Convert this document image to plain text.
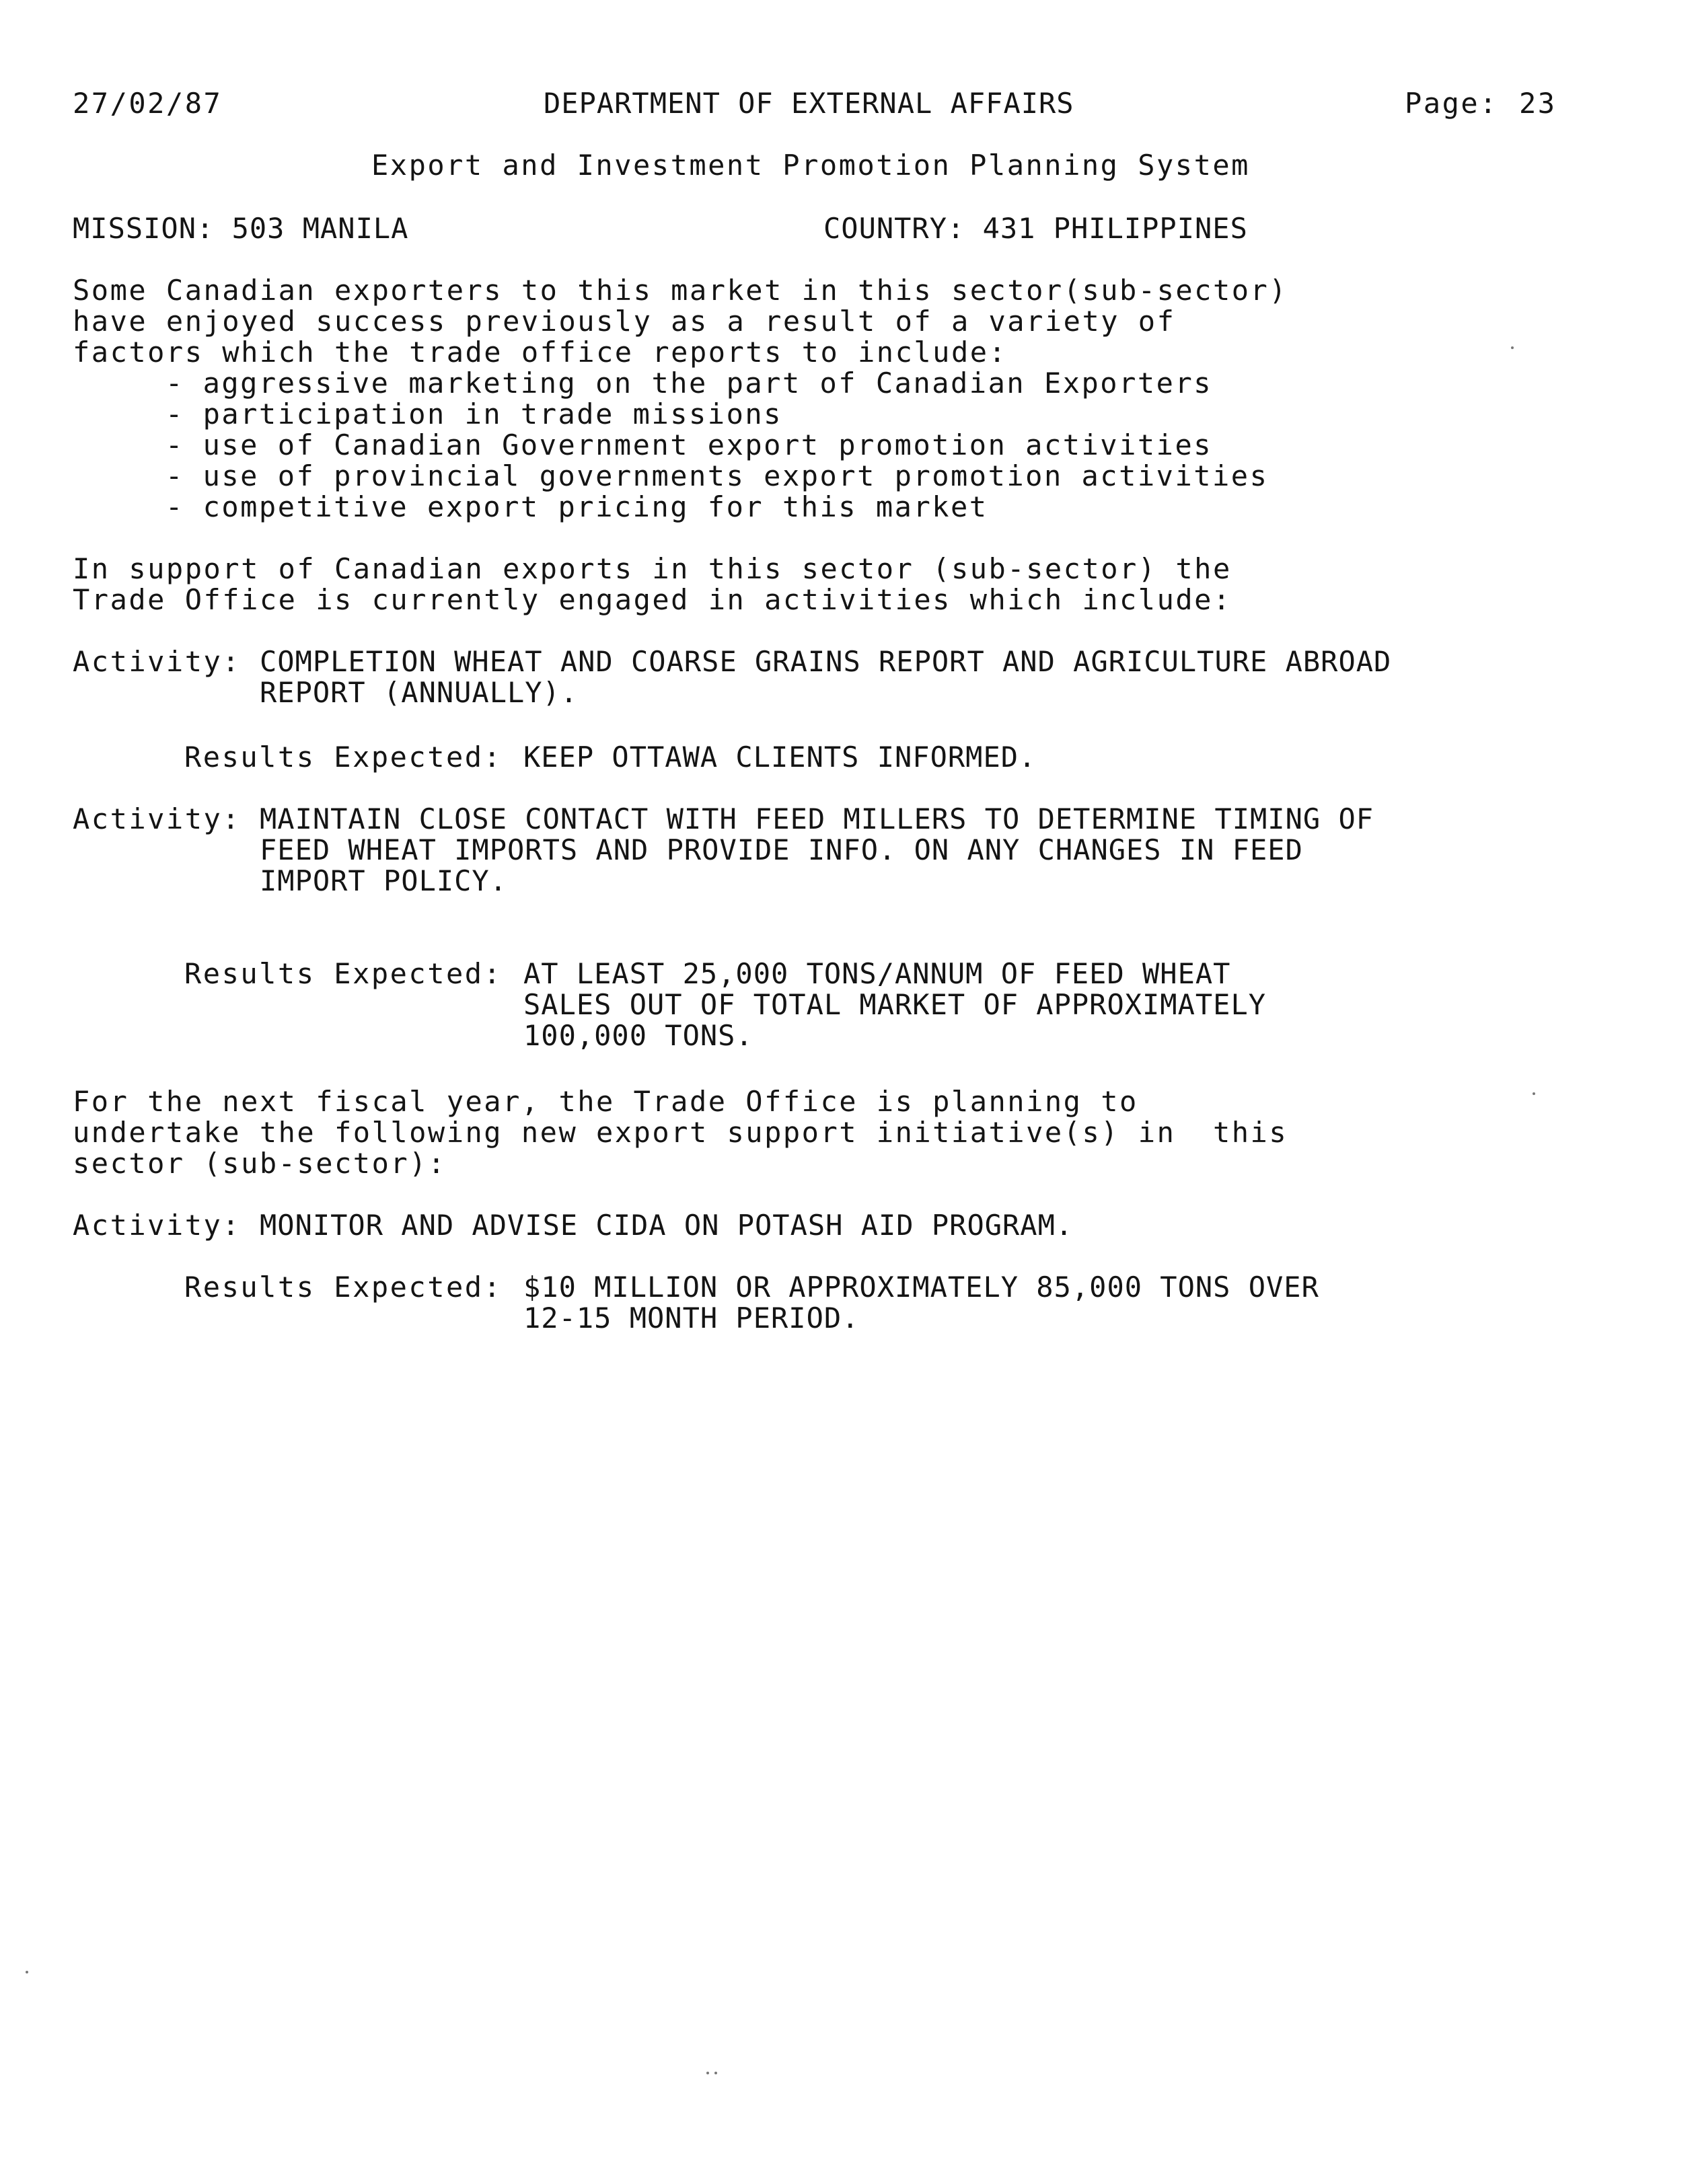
27/02/87	DEPARTMENT OF EXTERNAL AFFAIRS	Page: 23
Export and Investment Promotion Planning System
MISSION: 503 MANILA	COUNTRY: 431 PHILIPPINES
Some Canadian exporters to this market in this sector(sub-sector)
have enjoyed success previously as a result of a variety of
factors which the trade office reports to include:
- aggressive marketing on the part of Canadian Exporters
- participation in trade missions
- use of Canadian Government export promotion activities
- use of provincial governments export promotion activities
- competitive export pricing for this market
In support of Canadian exports in this sector (sub-sector) the
Trade Office is currently engaged in activities which include:
Activity: COMPLETION WHEAT AND COARSE GRAINS REPORT AND AGRICULTURE ABROAD
REPORT (ANNUALLY).
Results Expected: KEEP OTTAWA CLIENTS INFORMED.
Activity: MAINTAIN CLOSE CONTACT WITH FEED MILLERS TO DETERMINE TIMING OF
FEED WHEAT IMPORTS AND PROVIDE INFO. ON ANY CHANGES IN FEED
IMPORT POLICY.
Results Expected: AT LEAST 25,000 TONS/ANNUM OF FEED WHEAT
SALES OUT OF TOTAL MARKET OF APPROXIMATELY
100,000 TONS.
For the next fiscal year, the Trade Office is planning to
undertake the following new export support initiative(s) in  this
sector (sub-sector):
Activity: MONITOR AND ADVISE CIDA ON POTASH AID PROGRAM.
Results Expected: $10 MILLION OR APPROXIMATELY 85,000 TONS OVER
12-15 MONTH PERIOD.
